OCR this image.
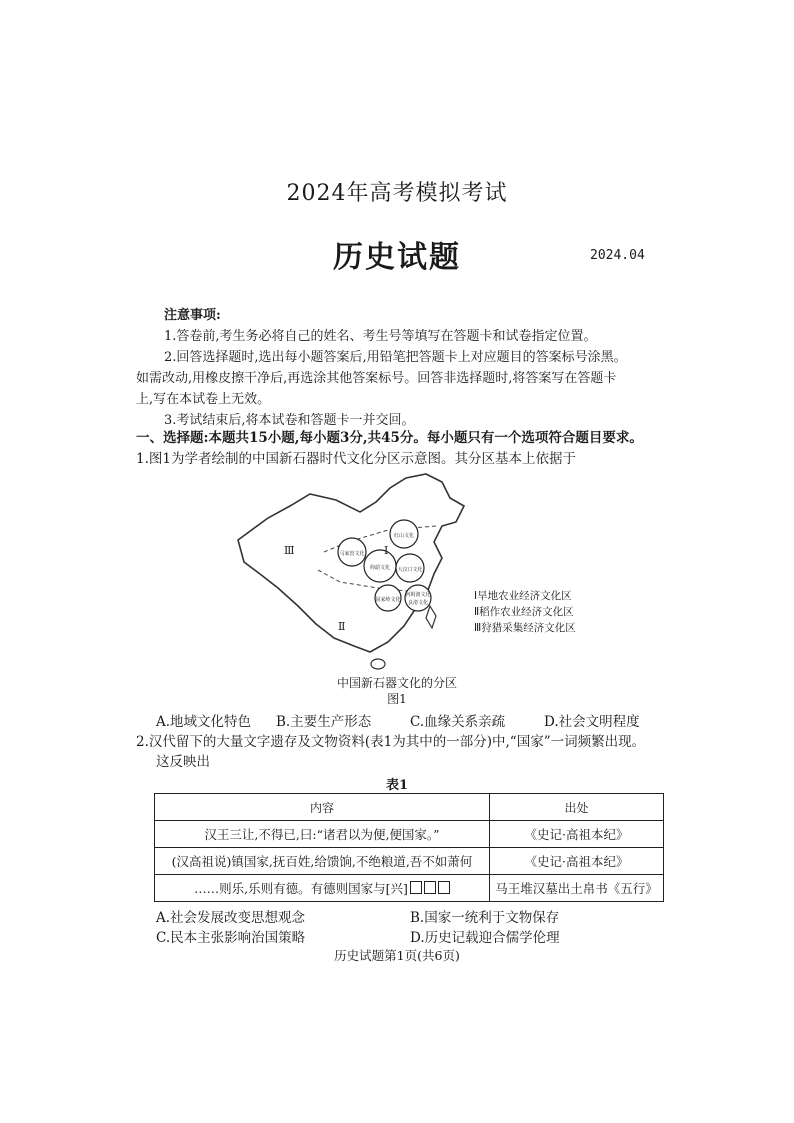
2024年高考模拟考试
历史试题	2024.04
注意事项:
1.答卷前,考生务必将自己的姓名、考生号等填写在答题卡和试卷指定位置。
2.回答选择题时,选出每小题答案后,用铅笔把答题卡上对应题目的答案标号涂黑。
如需改动,用橡皮擦干净后,再选涂其他答案标号。回答非选择题时,将答案写在答题卡
上,写在本试卷上无效。
3.考试结束后,将本试卷和答题卡一并交回。
一、选择题:本题共15小题,每小题3分,共45分。每小题只有一个选项符合题目要求。
1.图1为学者绘制的中国新石器时代文化分区示意图。其分区基本上依据于
Ⅲ	Ⅰ
Ⅱ
红山文化
马家窑文化
仰韶文化 大汶口文化
屈家岭文化
河姆渡文化
良渚文化
Ⅰ旱地农业经济文化区
Ⅱ稻作农业经济文化区
Ⅲ狩猎采集经济文化区
中国新石器文化的分区
图1
A.地域文化特色 B.主要生产形态	C.血缘关系亲疏	D.社会文明程度
2.汉代留下的大量文字遗存及文物资料(表1为其中的一部分)中,“国家”一词频繁出现。
这反映出
表1
内容	出处
汉王三让,不得已,曰:“诸君以为便,便国家。”	《史记·高祖本纪》
(汉高祖说)镇国家,抚百姓,给馈饷,不绝粮道,吾不如萧何	《史记·高祖本纪》
……则乐,乐则有德。有德则国家与[兴]	马王堆汉墓出土帛书《五行》
A.社会发展改变思想观念	B.国家一统利于文物保存
C.民本主张影响治国策略	D.历史记载迎合儒学伦理
历史试题第1页(共6页)
